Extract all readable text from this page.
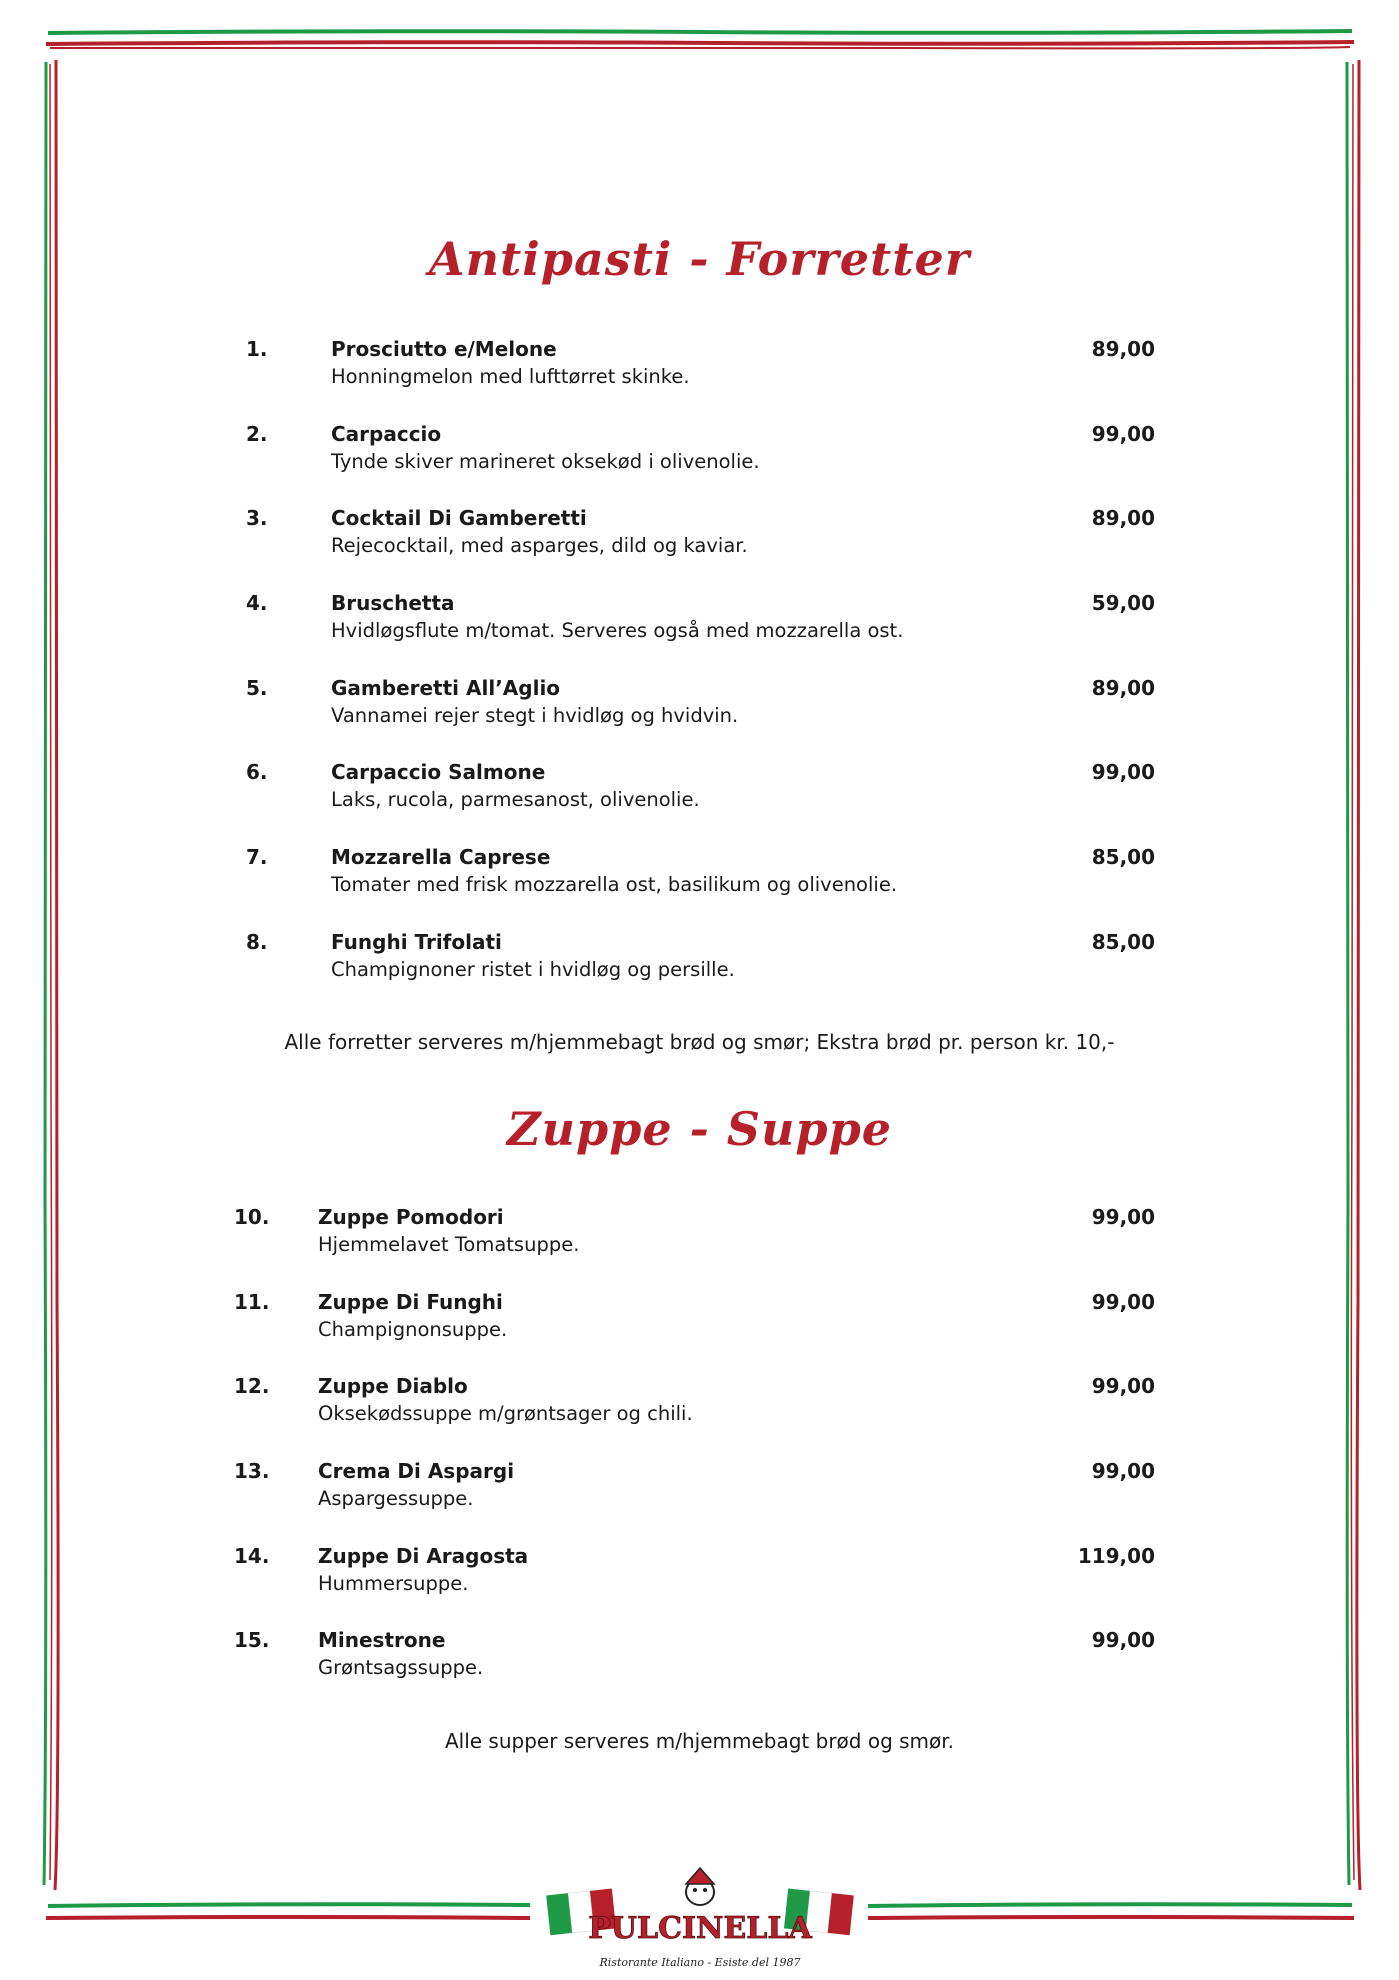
Antipasti - Forretter
1.	Prosciutto e/Melone
Honningmelon med lufttørret skinke.
89,00
2.	Carpaccio
Tynde skiver marineret oksekød i olivenolie.
99,00
3.	Cocktail Di Gamberetti
Rejecocktail, med asparges, dild og kaviar.
89,00
4.	Bruschetta
Hvidløgsflute m/tomat. Serveres også med mozzarella ost.
59,00
5.	Gamberetti All’Aglio
Vannamei rejer stegt i hvidløg og hvidvin.
89,00
6.	Carpaccio Salmone
Laks, rucola, parmesanost, olivenolie.
99,00
7.	Mozzarella Caprese
Tomater med frisk mozzarella ost, basilikum og olivenolie.
85,00
8.	Funghi Trifolati
Champignoner ristet i hvidløg og persille.
85,00
Alle forretter serveres m/hjemmebagt brød og smør; Ekstra brød pr. person kr. 10,-
Zuppe - Suppe
10. Zuppe Pomodori
Hjemmelavet Tomatsuppe.
99,00
11. Zuppe Di Funghi
Champignonsuppe.
99,00
12. Zuppe Diablo
Oksekødssuppe m/grøntsager og chili.
99,00
13. Crema Di Aspargi
Aspargessuppe.
99,00
14. Zuppe Di Aragosta
Hummersuppe.
119,00
15. Minestrone
Grøntsagssuppe.
99,00
Alle supper serveres m/hjemmebagt brød og smør.
PULCINELLA
Ristorante Italiano - Esiste del 1987
